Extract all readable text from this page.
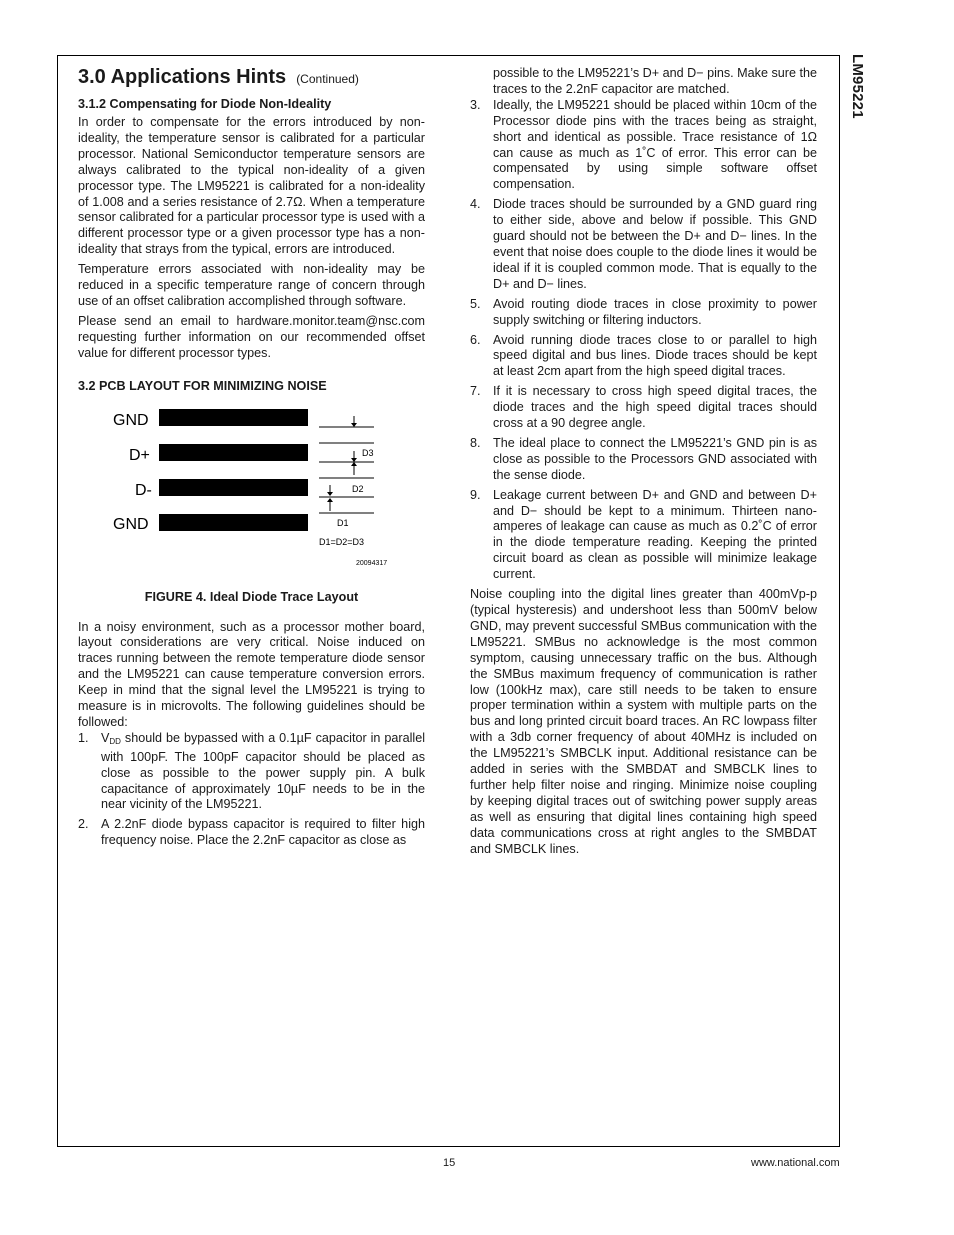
LM95221
3.0 Applications Hints (Continued)
3.1.2 Compensating for Diode Non-Ideality

In order to compensate for the errors introduced by non-ideality, the temperature sensor is calibrated for a particular processor. National Semiconductor temperature sensors are always calibrated to the typical non-ideality of a given processor type. The LM95221 is calibrated for a non-ideality of 1.008 and a series resistance of 2.7Ω. When a temperature sensor calibrated for a particular processor type is used with a different processor type or a given processor type has a non-ideality that strays from the typical, errors are introduced.

Temperature errors associated with non-ideality may be reduced in a specific temperature range of concern through use of an offset calibration accomplished through software.

Please send an email to hardware.monitor.team@nsc.com requesting further information on our recommended offset value for different processor types.

3.2 PCB LAYOUT FOR MINIMIZING NOISE
GND
D+
D-
GND
D3
D2
D1
D1=D2=D3
20094317
FIGURE 4. Ideal Diode Trace Layout

In a noisy environment, such as a processor mother board, layout considerations are very critical. Noise induced on traces running between the remote temperature diode sensor and the LM95221 can cause temperature conversion errors. Keep in mind that the signal level the LM95221 is trying to measure is in microvolts. The following guidelines should be followed:

1. $V_{DD}$ should be bypassed with a 0.1µF capacitor in parallel with 100pF. The 100pF capacitor should be placed as close as possible to the power supply pin. A bulk capacitance of approximately 10µF needs to be in the near vicinity of the LM95221.
2. A 2.2nF diode bypass capacitor is required to filter high frequency noise. Place the 2.2nF capacitor as close as

possible to the LM95221’s D+ and D− pins. Make sure the traces to the 2.2nF capacitor are matched.

3. Ideally, the LM95221 should be placed within 10cm of the Processor diode pins with the traces being as straight, short and identical as possible. Trace resistance of 1Ω can cause as much as 1˚C of error. This error can be compensated by using simple software offset compensation.
4. Diode traces should be surrounded by a GND guard ring to either side, above and below if possible. This GND guard should not be between the D+ and D− lines. In the event that noise does couple to the diode lines it would be ideal if it is coupled common mode. That is equally to the D+ and D− lines.
5. Avoid routing diode traces in close proximity to power supply switching or filtering inductors.
6. Avoid running diode traces close to or parallel to high speed digital and bus lines. Diode traces should be kept at least 2cm apart from the high speed digital traces.
7. If it is necessary to cross high speed digital traces, the diode traces and the high speed digital traces should cross at a 90 degree angle.
8. The ideal place to connect the LM95221’s GND pin is as close as possible to the Processors GND associated with the sense diode.
9. Leakage current between D+ and GND and between D+ and D− should be kept to a minimum. Thirteen nano-amperes of leakage can cause as much as 0.2˚C of error in the diode temperature reading. Keeping the printed circuit board as clean as possible will minimize leakage current.

Noise coupling into the digital lines greater than 400mVp-p (typical hysteresis) and undershoot less than 500mV below GND, may prevent successful SMBus communication with the LM95221. SMBus no acknowledge is the most common symptom, causing unnecessary traffic on the bus. Although the SMBus maximum frequency of communication is rather low (100kHz max), care still needs to be taken to ensure proper termination within a system with multiple parts on the bus and long printed circuit board traces. An RC lowpass filter with a 3db corner frequency of about 40MHz is included on the LM95221’s SMBCLK input. Additional resistance can be added in series with the SMBDAT and SMBCLK lines to further help filter noise and ringing. Minimize noise coupling by keeping digital traces out of switching power supply areas as well as ensuring that digital lines containing high speed data communications cross at right angles to the SMBDAT and SMBCLK lines.

15	www.national.com
